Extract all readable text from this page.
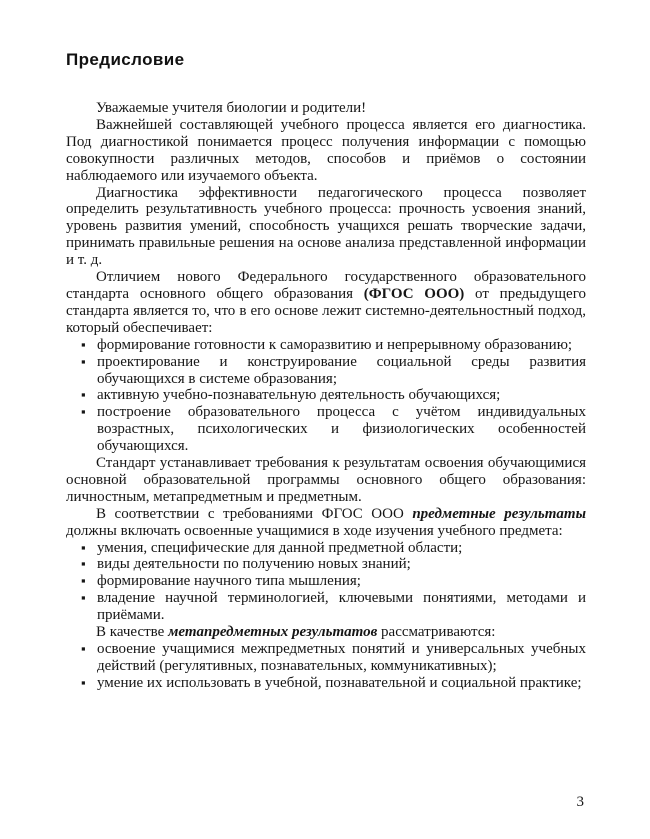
Предисловие

Уважаемые учителя биологии и родители!

Важнейшей составляющей учебного процесса является его диагностика. Под диагностикой понимается процесс получения информации с помощью совокупности различных методов, способов и приёмов о состоянии наблюдаемого или изучаемого объекта.

Диагностика эффективности педагогического процесса позволяет определить результативность учебного процесса: прочность усвоения знаний, уровень развития умений, способность учащихся решать творческие задачи, принимать правильные решения на основе анализа представленной информации и т. д.

Отличием нового Федерального государственного образовательного стандарта основного общего образования (ФГОС ООО) от предыдущего стандарта является то, что в его основе лежит системно-деятельностный подход, который обеспечивает:

▪ формирование готовности к саморазвитию и непрерывному образованию;
▪ проектирование и конструирование социальной среды развития обучающихся в системе образования;
▪ активную учебно-познавательную деятельность обучающихся;
▪ построение образовательного процесса с учётом индивидуальных возрастных, психологических и физиологических особенностей обучающихся.

Стандарт устанавливает требования к результатам освоения обучающимися основной образовательной программы основного общего образования: личностным, метапредметным и предметным.

В соответствии с требованиями ФГОС ООО предметные результаты должны включать освоенные учащимися в ходе изучения учебного предмета:

▪ умения, специфические для данной предметной области;
▪ виды деятельности по получению новых знаний;
▪ формирование научного типа мышления;
▪ владение научной терминологией, ключевыми понятиями, методами и приёмами.

В качестве метапредметных результатов рассматриваются:

▪ освоение учащимися межпредметных понятий и универсальных учебных действий (регулятивных, познавательных, коммуникативных);
▪ умение их использовать в учебной, познавательной и социальной практике;
3
